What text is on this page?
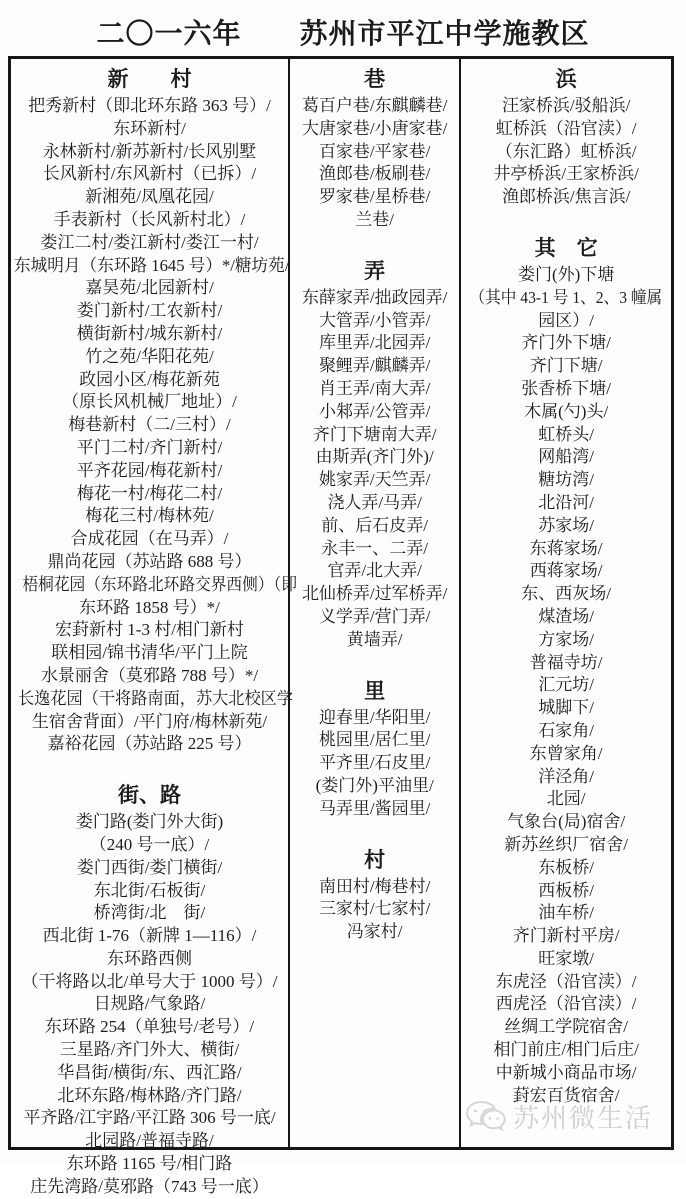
二〇一六年　　苏州市平江中学施教区
新　　村
把秀新村（即北环东路 363 号）/
东环新村/
永林新村/新苏新村/长风别墅
长风新村/东风新村（已拆）/
新湘苑/凤凰花园/
手表新村（长风新村北）/
娄江二村/娄江新村/娄江一村/
东城明月（东环路 1645 号）*/糖坊苑/
嘉昊苑/北园新村/
娄门新村/工农新村/
横街新村/城东新村/
竹之苑/华阳花苑/
政园小区/梅花新苑
（原长风机械厂地址）/
梅巷新村（二/三村）/
平门二村/齐门新村/
平齐花园/梅花新村/
梅花一村/梅花二村/
梅花三村/梅林苑/
合成花园（在马弄）/
鼎尚花园（苏站路 688 号）
梧桐花园（东环路北环路交界西侧）（即
东环路 1858 号）*/
宏葑新村 1-3 村/相门新村
联相园/锦书清华/平门上院
水景丽舍（莫邪路 788 号）*/
长逸花园（干将路南面，苏大北校区学
生宿舍背面）/平门府/梅林新苑/
嘉裕花园（苏站路 225 号）
街、路
娄门路(娄门外大街)
（240 号一底）/
娄门西街/娄门横街/
东北街/石板街/
桥湾街/北　街/
西北街 1-76（新牌 1—116）/
东环路西侧
（干将路以北/单号大于 1000 号）/
日规路/气象路/
东环路 254（单独号/老号）/
三星路/齐门外大、横街/
华昌街/横街/东、西汇路/
北环东路/梅林路/齐门路/
平齐路/江宇路/平江路 306 号一底/
北园路/普福寺路/
东环路 1165 号/相门路
庄先湾路/莫邪路（743 号一底）
巷
葛百户巷/东麒麟巷/
大唐家巷/小唐家巷/
百家巷/平家巷/
渔郎巷/板刷巷/
罗家巷/星桥巷/
兰巷/
弄
东薛家弄/拙政园弄/
大管弄/小管弄/
库里弄/北园弄/
聚鲤弄/麒麟弄/
肖王弄/南大弄/
小邾弄/公管弄/
齐门下塘南大弄/
由斯弄(齐门外)/
姚家弄/天竺弄/
浇人弄/马弄/
前、后石皮弄/
永丰一、二弄/
官弄/北大弄/
北仙桥弄/过军桥弄/
义学弄/营门弄/
黄墙弄/
里
迎春里/华阳里/
桃园里/居仁里/
平齐里/石皮里/
(娄门外)平油里/
马弄里/酱园里/
村
南田村/梅巷村/
三家村/七家村/
冯家村/
浜
汪家桥浜/驳船浜/
虹桥浜（沿官渎）/
（东汇路）虹桥浜/
井亭桥浜/王家桥浜/
渔郎桥浜/焦言浜/
其　它
娄门(外)下塘
（其中 43-1 号 1、2、3 幢属
园区）/
齐门外下塘/
齐门下塘/
张香桥下塘/
木属(勺)头/
虹桥头/
网船湾/
糖坊湾/
北沿河/
苏家场/
东蒋家场/
西蒋家场/
东、西灰场/
煤渣场/
方家场/
普福寺坊/
汇元坊/
城脚下/
石家角/
东曾家角/
洋泾角/
北园/
气象台(局)宿舍/
新苏丝织厂宿舍/
东板桥/
西板桥/
油车桥/
齐门新村平房/
旺家墩/
东虎泾（沿官渎）/
西虎泾（沿官渎）/
丝绸工学院宿舍/
相门前庄/相门后庄/
中新城小商品市场/
葑宏百货宿舍/
苏州微生活
